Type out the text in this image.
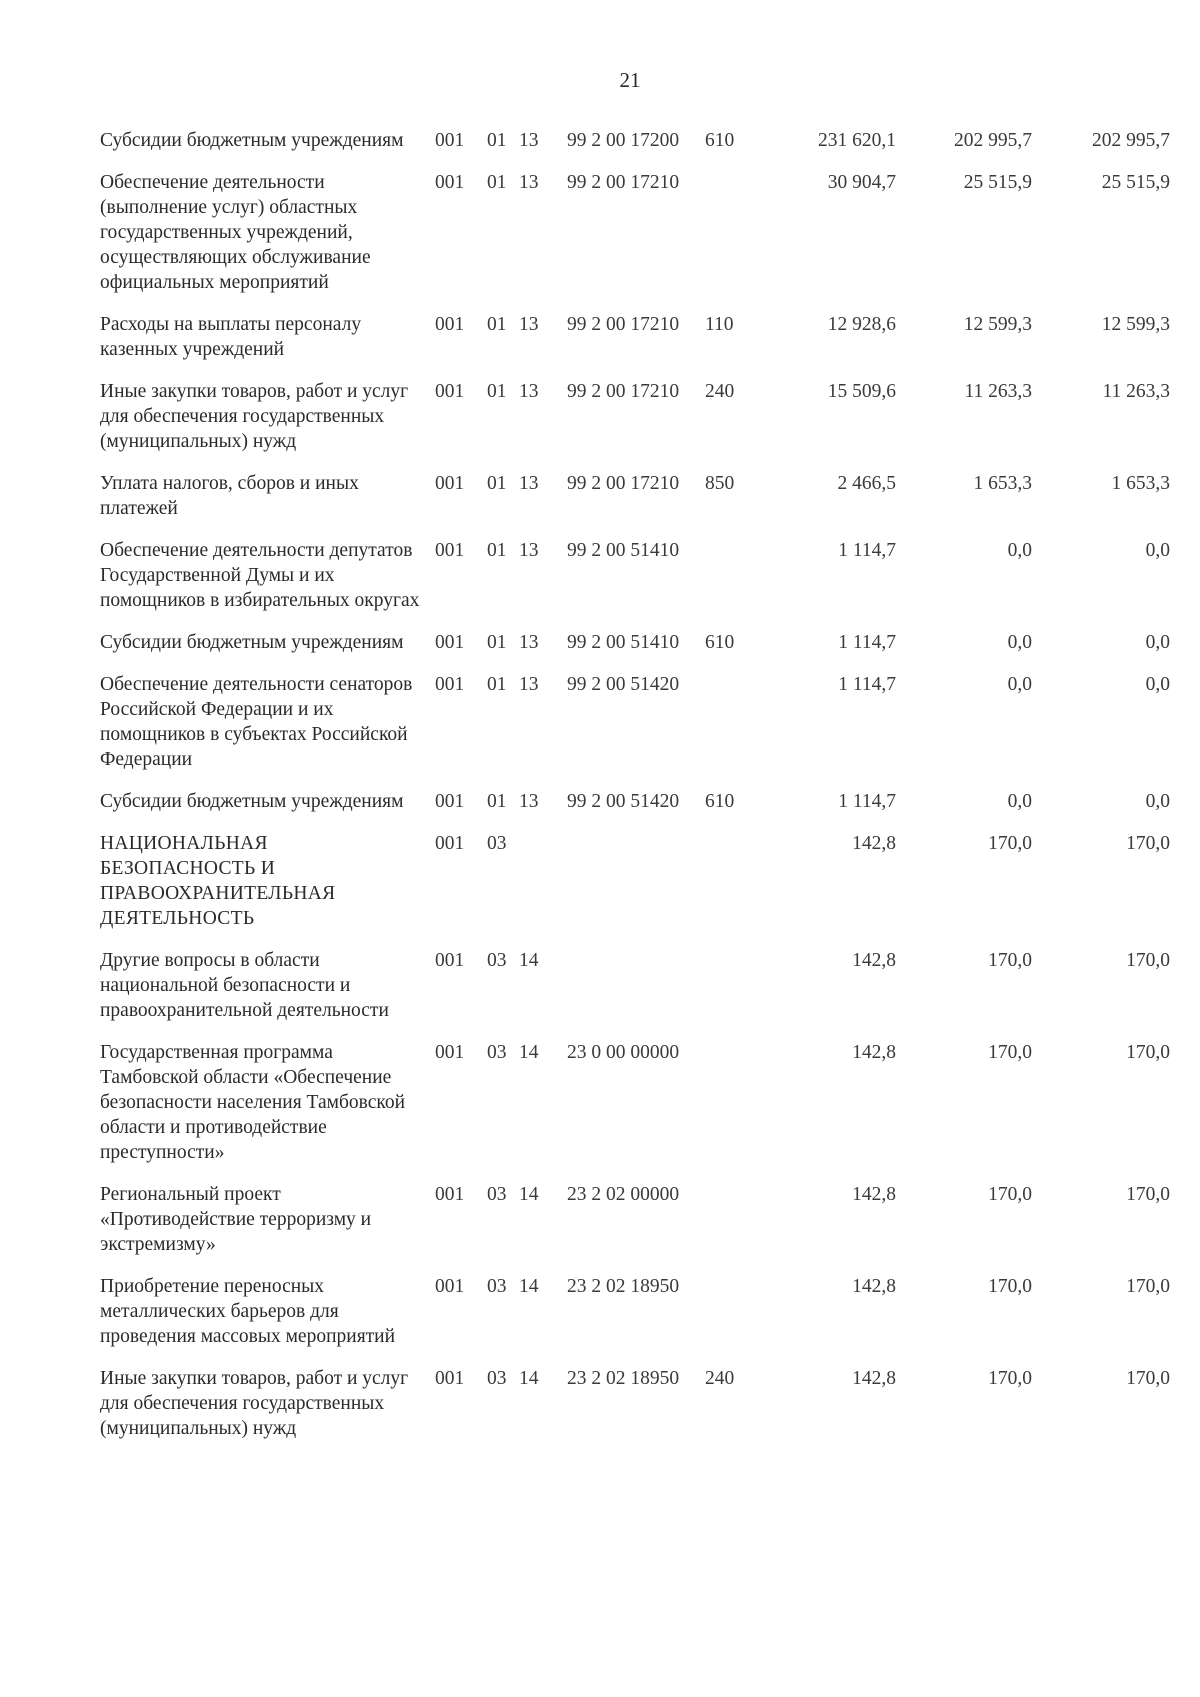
21
Субсидии бюджетным учреждениям	001	01	13	99 2 00 17200	610	231 620,1	202 995,7	202 995,7
Обеспечение деятельности (выполнение услуг) областных государственных учреждений, осуществляющих обслуживание официальных мероприятий	001	01	13	99 2 00 17210		30 904,7	25 515,9	25 515,9
Расходы на выплаты персоналу казенных учреждений	001	01	13	99 2 00 17210	110	12 928,6	12 599,3	12 599,3
Иные закупки товаров, работ и услуг для обеспечения государственных (муниципальных) нужд	001	01	13	99 2 00 17210	240	15 509,6	11 263,3	11 263,3
Уплата налогов, сборов и иных платежей	001	01	13	99 2 00 17210	850	2 466,5	1 653,3	1 653,3
Обеспечение деятельности депутатов Государственной Думы и их помощников в избирательных округах	001	01	13	99 2 00 51410		1 114,7	0,0	0,0
Субсидии бюджетным учреждениям	001	01	13	99 2 00 51410	610	1 114,7	0,0	0,0
Обеспечение деятельности сенаторов Российской Федерации и их помощников в субъектах Российской Федерации	001	01	13	99 2 00 51420		1 114,7	0,0	0,0
Субсидии бюджетным учреждениям	001	01	13	99 2 00 51420	610	1 114,7	0,0	0,0
НАЦИОНАЛЬНАЯ БЕЗОПАСНОСТЬ И ПРАВООХРАНИТЕЛЬНАЯ ДЕЯТЕЛЬНОСТЬ	001	03				142,8	170,0	170,0
Другие вопросы в области национальной безопасности и правоохранительной деятельности	001	03	14			142,8	170,0	170,0
Государственная программа Тамбовской области «Обеспечение безопасности населения Тамбовской области и противодействие преступности»	001	03	14	23 0 00 00000		142,8	170,0	170,0
Региональный проект «Противодействие терроризму и экстремизму»	001	03	14	23 2 02 00000		142,8	170,0	170,0
Приобретение переносных металлических барьеров для проведения массовых мероприятий	001	03	14	23 2 02 18950		142,8	170,0	170,0
Иные закупки товаров, работ и услуг для обеспечения государственных (муниципальных) нужд	001	03	14	23 2 02 18950	240	142,8	170,0	170,0
